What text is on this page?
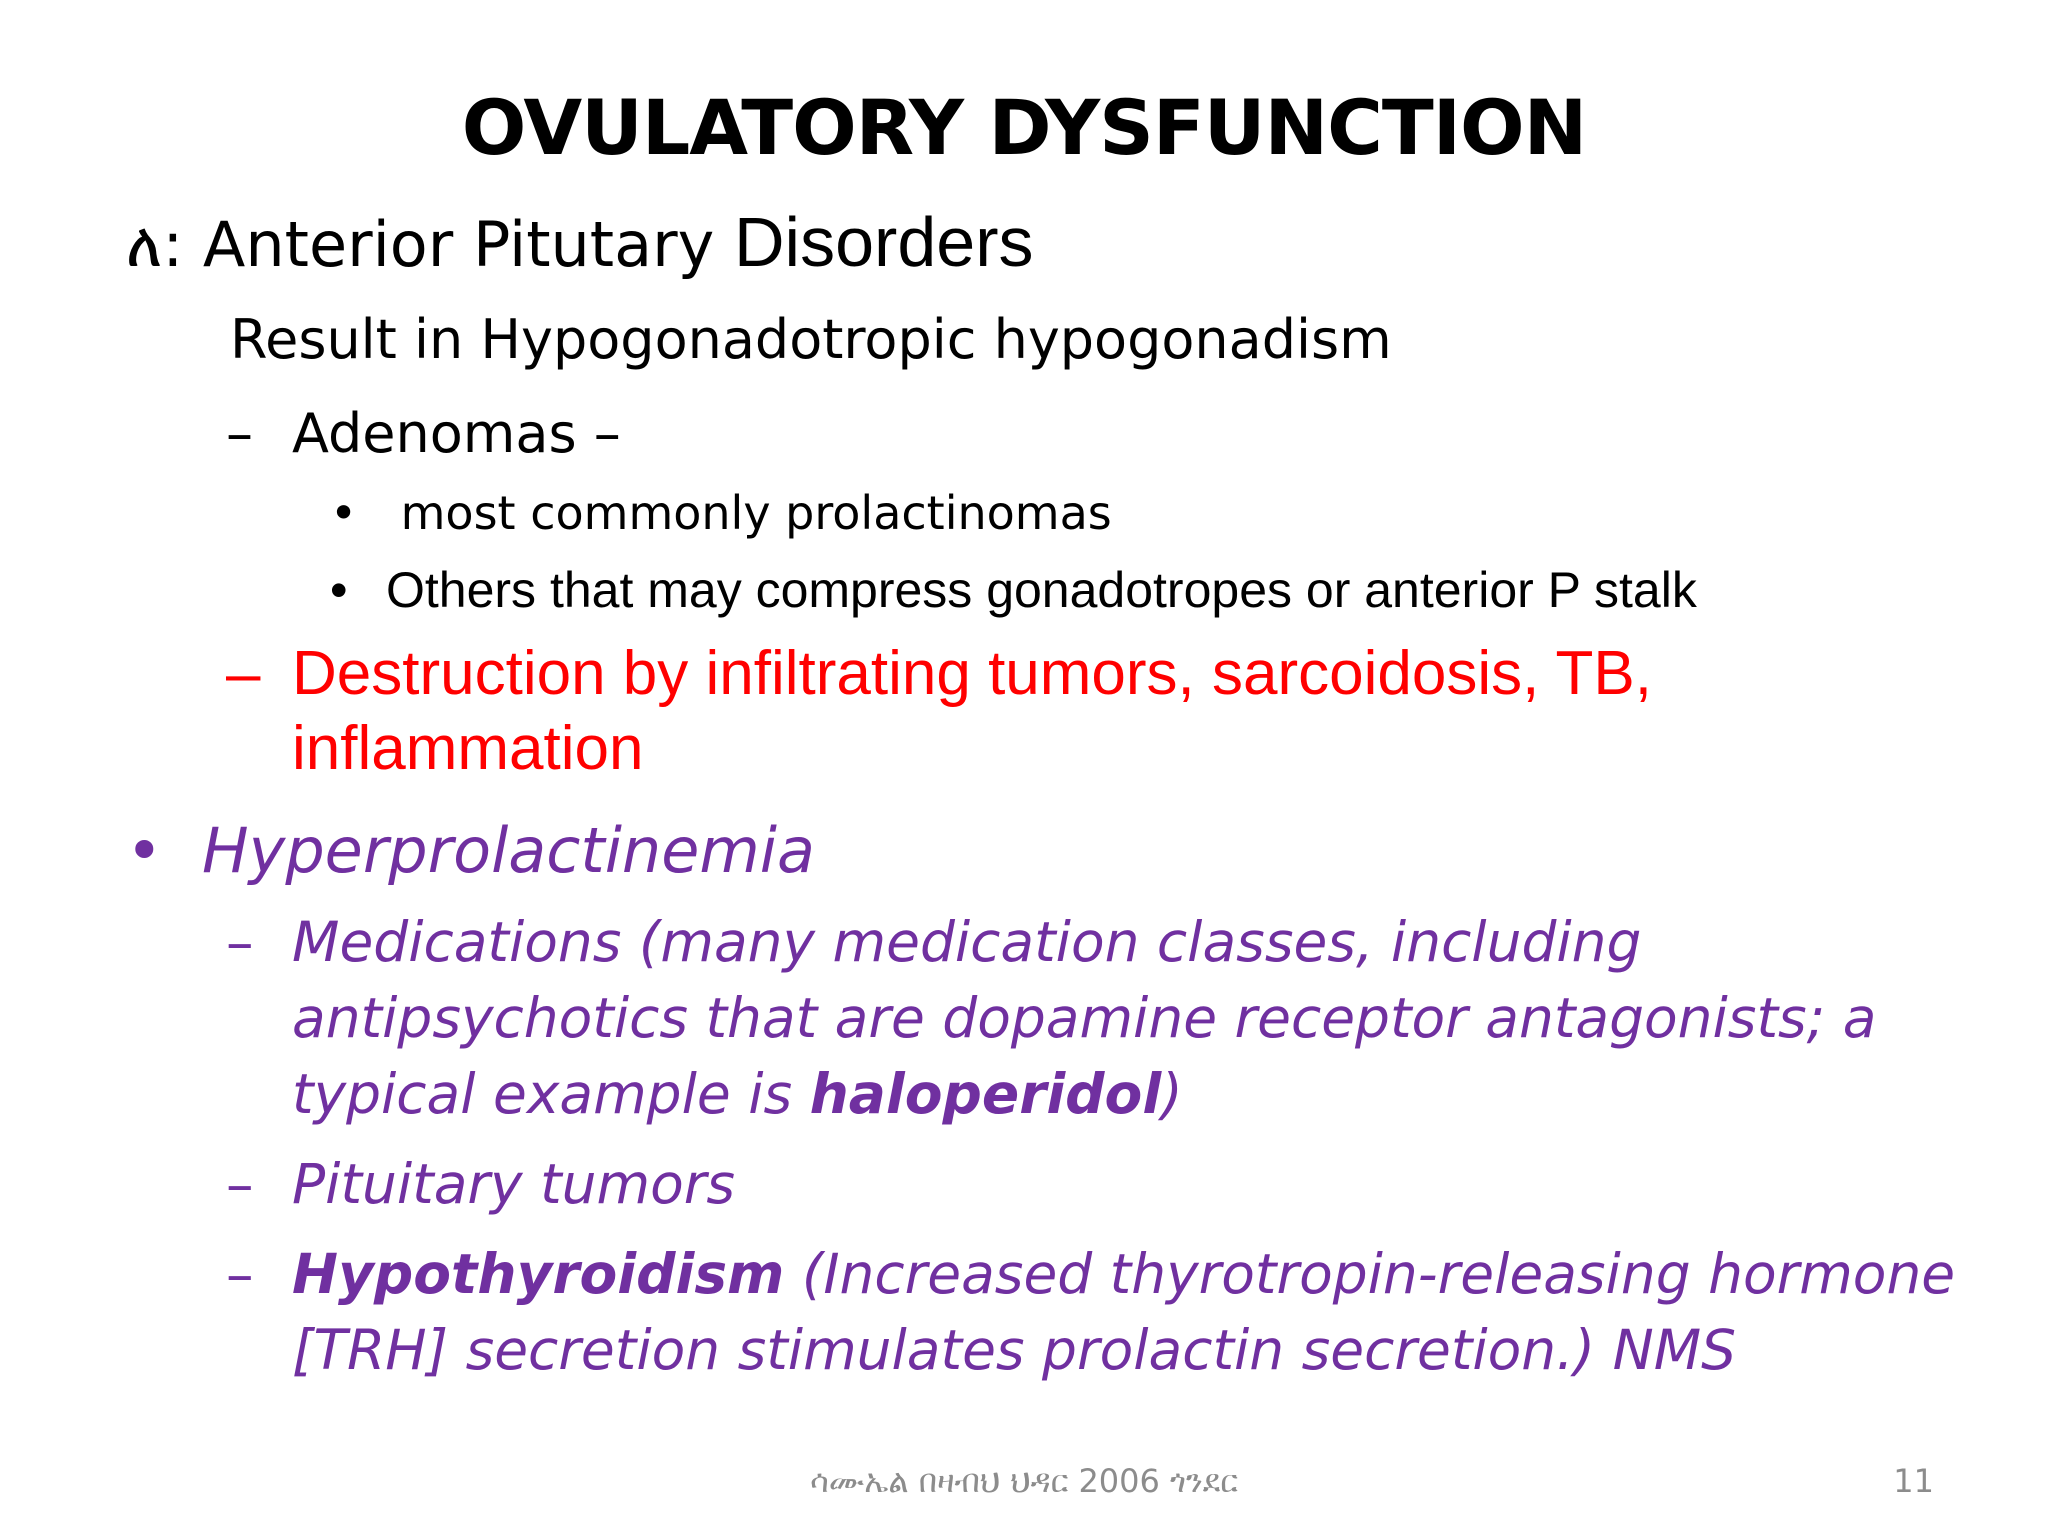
OVULATORY DYSFUNCTION
ለ: Anterior Pitutary Disorders
Result in Hypogonadotropic hypogonadism
– Adenomas –
• most commonly prolactinomas
• Others that may compress gonadotropes or anterior P stalk
– Destruction by infiltrating tumors, sarcoidosis, TB, inflammation
• Hyperprolactinemia
– Medications (many medication classes, including antipsychotics that are dopamine receptor antagonists; a typical example is haloperidol)
– Pituitary tumors
– Hypothyroidism (Increased thyrotropin-releasing hormone [TRH] secretion stimulates prolactin secretion.) NMS
ሳሙኤል በዛብህ ህዳር 2006 ጎንደር	11
